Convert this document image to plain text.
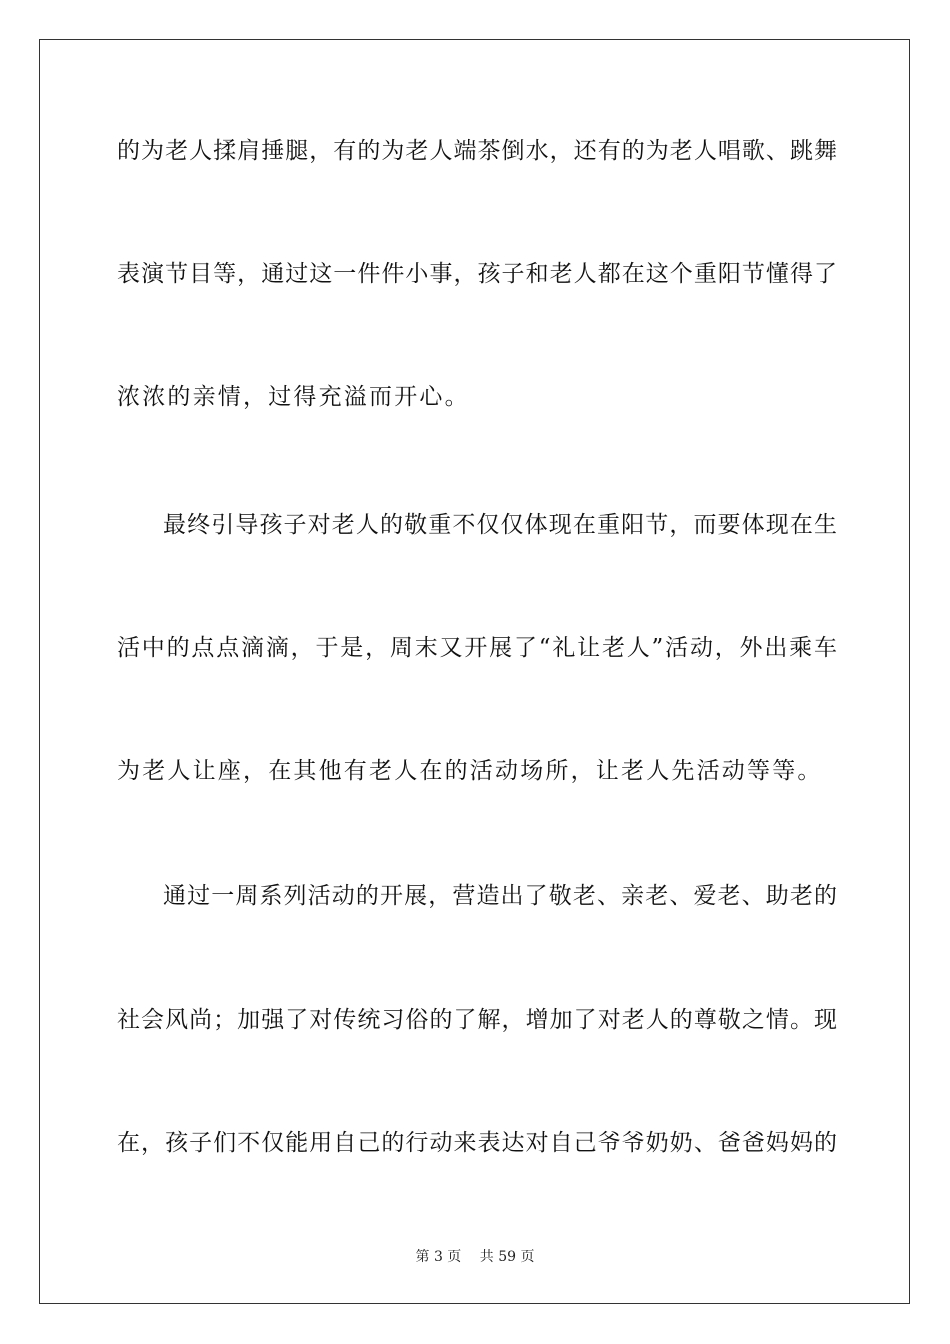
的为老人揉肩捶腿，有的为老人端茶倒水，还有的为老人唱歌、跳舞
表演节目等，通过这一件件小事，孩子和老人都在这个重阳节懂得了
浓浓的亲情，过得充溢而开心。
最终引导孩子对老人的敬重不仅仅体现在重阳节，而要体现在生
活中的点点滴滴，于是，周末又开展了“礼让老人”活动，外出乘车
为老人让座，在其他有老人在的活动场所，让老人先活动等等。
通过一周系列活动的开展，营造出了敬老、亲老、爱老、助老的
社会风尚；加强了对传统习俗的了解，增加了对老人的尊敬之情。现
在，孩子们不仅能用自己的行动来表达对自己爷爷奶奶、爸爸妈妈的
第 3 页　 共 59 页
